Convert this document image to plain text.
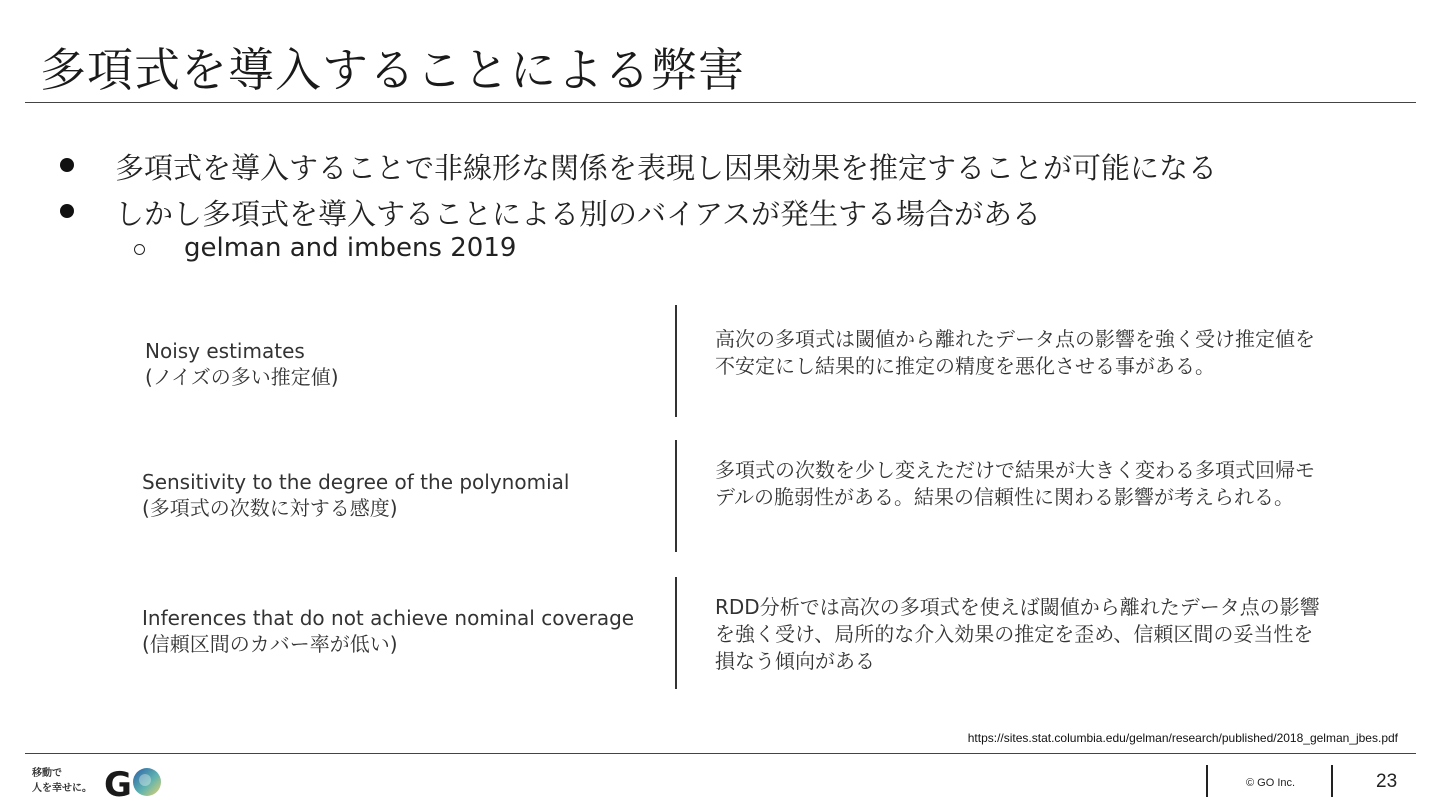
多項式を導入することによる弊害
多項式を導入することで非線形な関係を表現し因果効果を推定することが可能になる
しかし多項式を導入することによる別のバイアスが発生する場合がある
gelman and imbens 2019
Noisy estimates
(ノイズの多い推定値)
高次の多項式は閾値から離れたデータ点の影響を強く受け推定値を不安定にし結果的に推定の精度を悪化させる事がある。
Sensitivity to the degree of the polynomial
(多項式の次数に対する感度)
多項式の次数を少し変えただけで結果が大きく変わる多項式回帰モデルの脆弱性がある。結果の信頼性に関わる影響が考えられる。
Inferences that do not achieve nominal coverage
(信頼区間のカバー率が低い)
RDD分析では高次の多項式を使えば閾値から離れたデータ点の影響を強く受け、局所的な介入効果の推定を歪め、信頼区間の妥当性を損なう傾向がある
https://sites.stat.columbia.edu/gelman/research/published/2018_gelman_jbes.pdf
移動で
人を幸せに。 G	© GO Inc.	23
